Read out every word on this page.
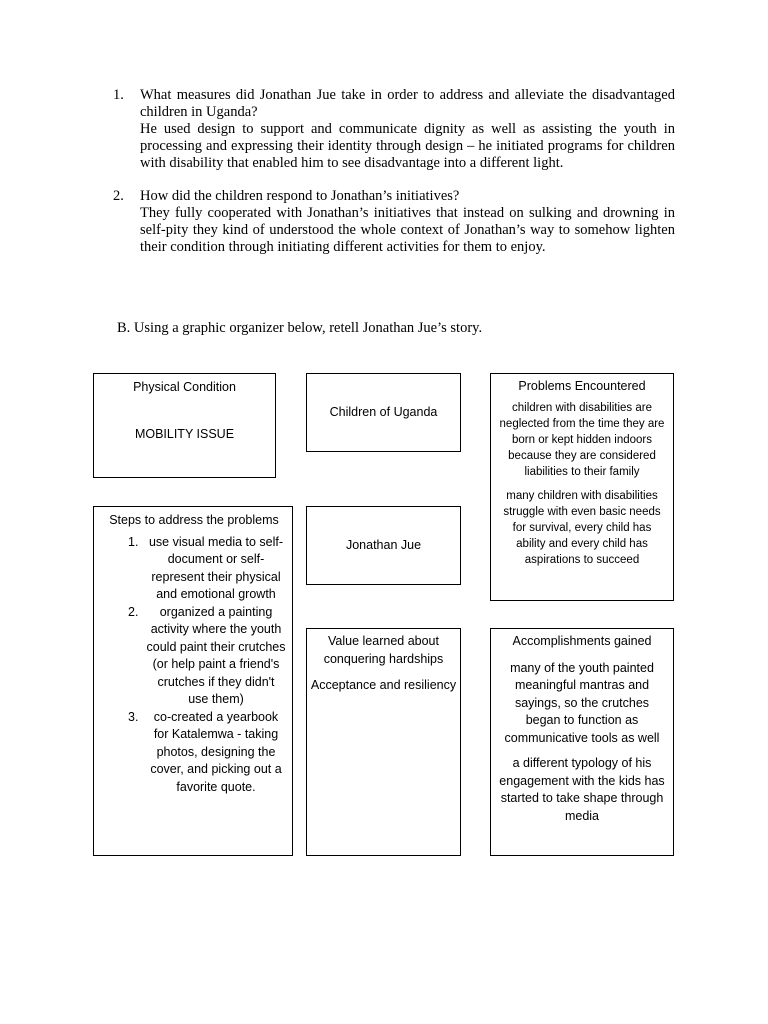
1. What measures did Jonathan Jue take in order to address and alleviate the disadvantaged children in Uganda?
He used design to support and communicate dignity as well as assisting the youth in processing and expressing their identity through design – he initiated programs for children with disability that enabled him to see disadvantage into a different light.
2. How did the children respond to Jonathan’s initiatives?
They fully cooperated with Jonathan’s initiatives that instead on sulking and drowning in self-pity they kind of understood the whole context of Jonathan’s way to somehow lighten their condition through initiating different activities for them to enjoy.
B. Using a graphic organizer below, retell Jonathan Jue’s story.
Physical Condition
MOBILITY ISSUE
Children of Uganda
Problems Encountered
children with disabilities are neglected from the time they are born or kept hidden indoors because they are considered liabilities to their family
many children with disabilities struggle with even basic needs for survival, every child has ability and every child has aspirations to succeed
Jonathan Jue
Steps to address the problems
1. use visual media to self-document or self-represent their physical and emotional growth
2. organized a painting activity where the youth could paint their crutches (or help paint a friend's crutches if they didn't use them)
3. co-created a yearbook for Katalemwa - taking photos, designing the cover, and picking out a favorite quote.
Value learned about conquering hardships
Acceptance and resiliency
Accomplishments gained
many of the youth painted meaningful mantras and sayings, so the crutches began to function as communicative tools as well
a different typology of his engagement with the kids has started to take shape through media
